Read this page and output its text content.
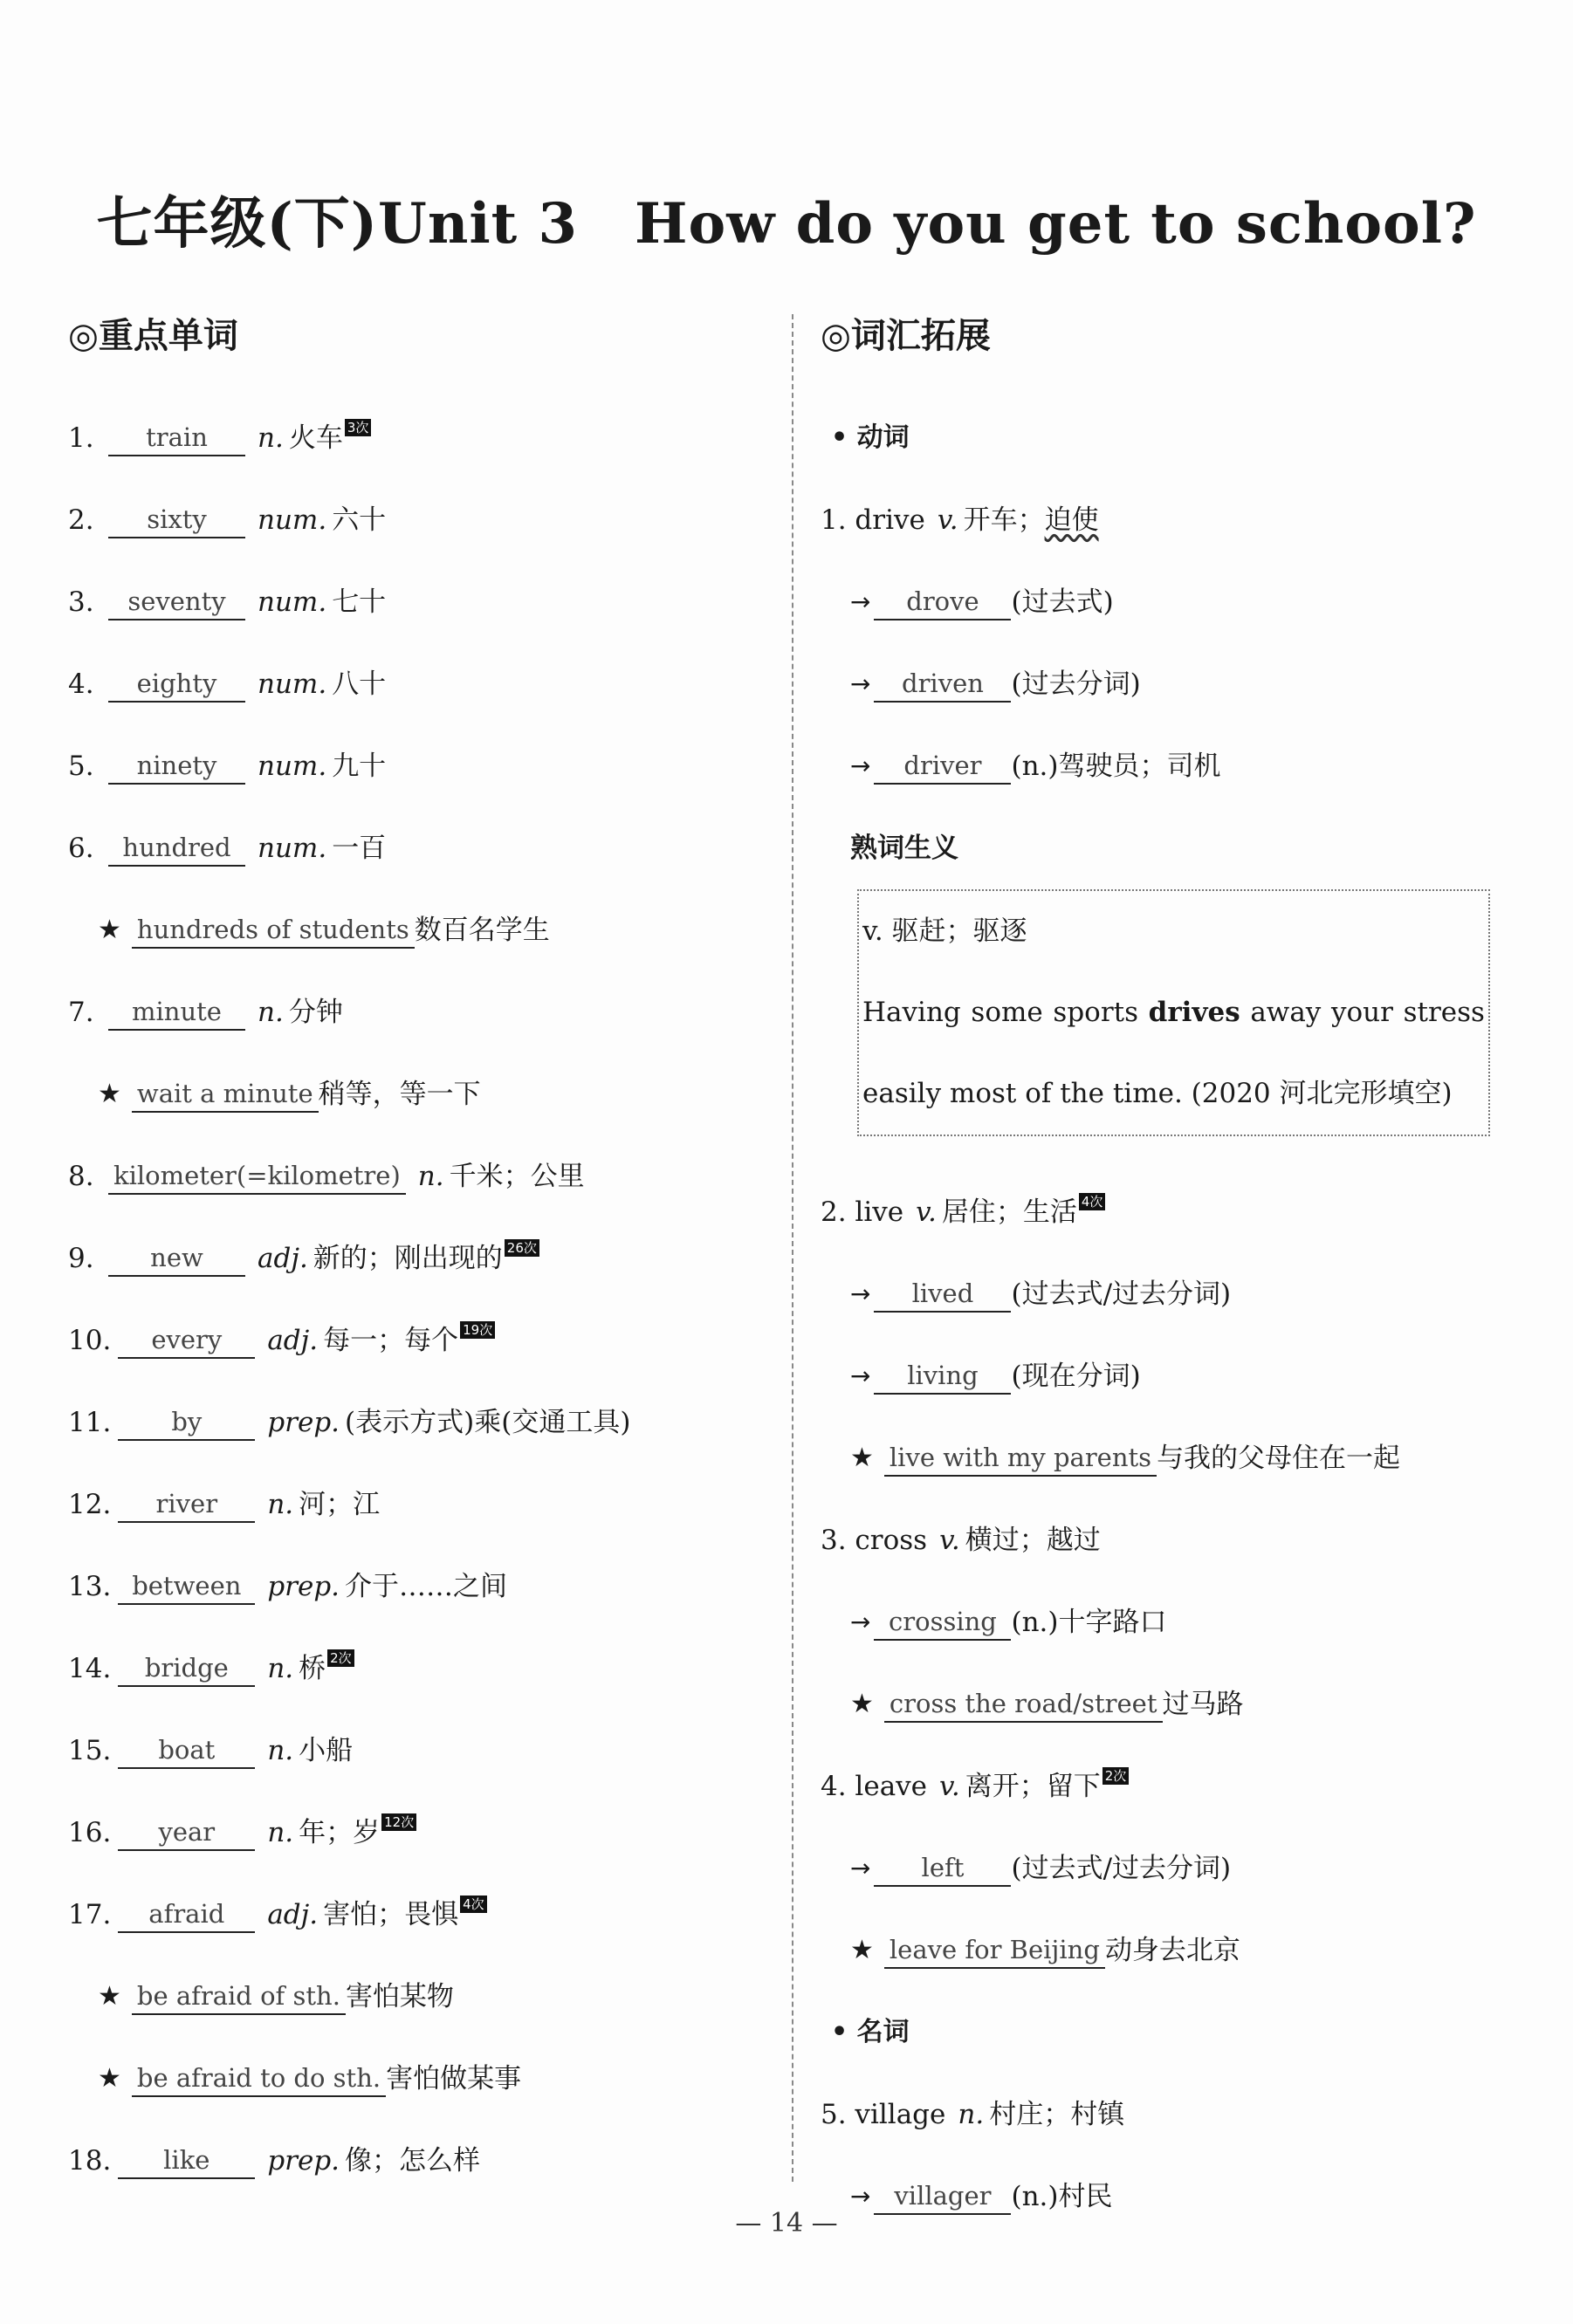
七年级(下)Unit 3　How do you get to school?
◎重点单词
1.	train	n. 火车 3次
2.	sixty	num. 六十
3.	seventy	num. 七十
4.	eighty	num. 八十
5.	ninety	num. 九十
6.	hundred num. 一百
★ hundreds of students 数百名学生
7.	minute	n. 分钟
★ wait a minute 稍等，等一下
8. kilometer(=kilometre) n. 千米；公里
9.	new	adj. 新的；刚出现的 26次
10.	every	adj. 每一；每个 19次
11.	by	prep. (表示方式)乘(交通工具)
12.	river	n. 河；江
13. between prep. 介于……之间
14.	bridge	n. 桥 2次
15.	boat	n. 小船
16.	year	n. 年；岁 12次
17.	afraid	adj. 害怕；畏惧 4次
★ be afraid of sth. 害怕某物
★ be afraid to do sth. 害怕做某事
18.	like	prep. 像；怎么样
◎词汇拓展
• 动词
1. drive v. 开车； 迫使
→	drove	(过去式)
→	driven	(过去分词)
→	driver	(n.)驾驶员；司机
熟词生义
v. 驱赶；驱逐
Having some sports drives away your stress
easily most of the time. (2020 河北完形填空)
2. live v. 居住；生活 4次
→	lived	(过去式/过去分词)
→	living	(现在分词)
★ live with my parents 与我的父母住在一起
3. cross v. 横过；越过
→ crossing (n.)十字路口
★ cross the road/street 过马路
4. leave v. 离开；留下 2次
→	left	(过去式/过去分词)
★ leave for Beijing 动身去北京
• 名词
5. village n. 村庄；村镇
→ villager (n.)村民
— 14 —
